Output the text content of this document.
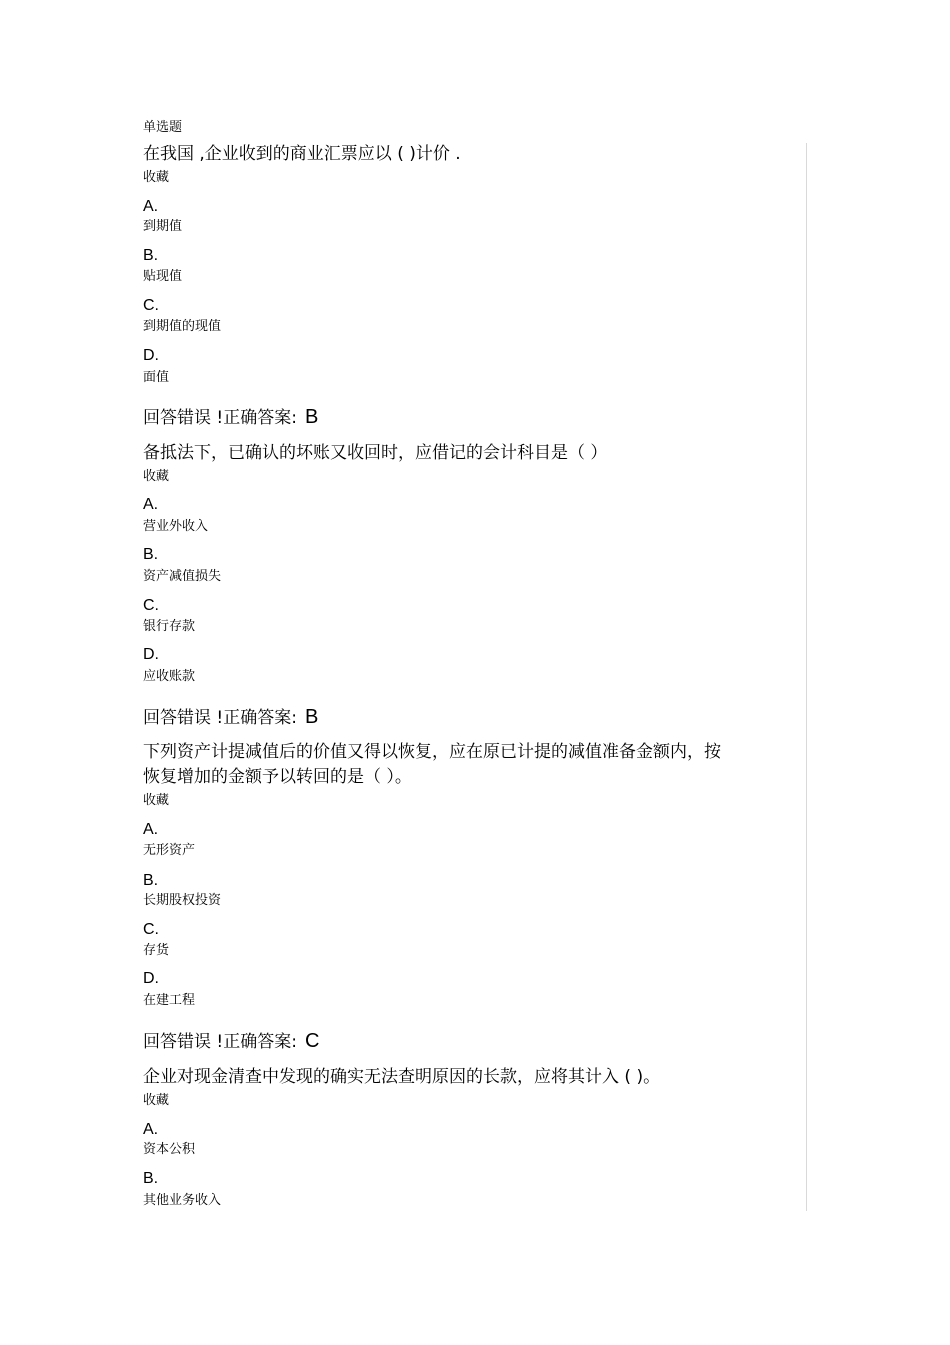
单选题
在我国 ,企业收到的商业汇票应以 ( )计价 .
收藏
A.
到期值
B.
贴现值
C.
到期值的现值
D.
面值
回答错误 !正确答案: B
备抵法下，已确认的坏账又收回时，应借记的会计科目是（ ）
收藏
A.
营业外收入
B.
资产减值损失
C.
银行存款
D.
应收账款
回答错误 !正确答案: B
下列资产计提减值后的价值又得以恢复，应在原已计提的减值准备金额内，按
恢复增加的金额予以转回的是（ ）。
收藏
A.
无形资产
B.
长期股权投资
C.
存货
D.
在建工程
回答错误 !正确答案: C
企业对现金清查中发现的确实无法查明原因的长款，应将其计入 ( )。
收藏
A.
资本公积
B.
其他业务收入
